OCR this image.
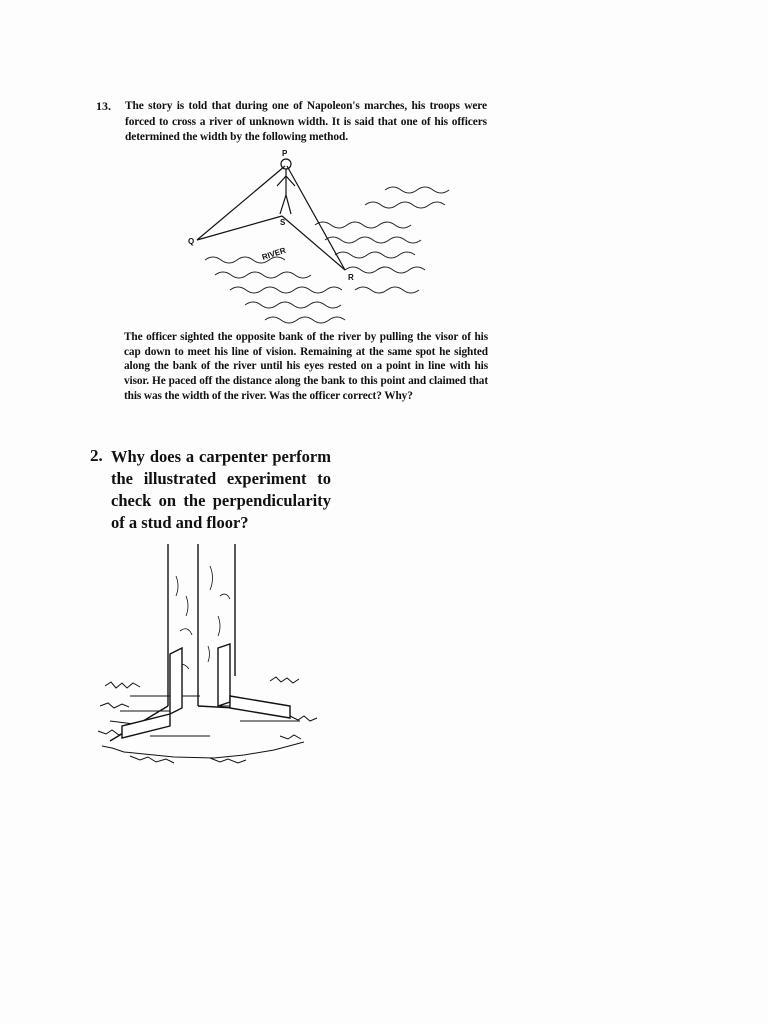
13. The story is told that during one of Napoleon's marches, his troops were forced to cross a river of unknown width. It is said that one of his officers determined the width by the following method.
P
Q
S
R
RIVER
The officer sighted the opposite bank of the river by pulling the visor of his cap down to meet his line of vision. Remaining at the same spot he sighted along the bank of the river until his eyes rested on a point in line with his visor. He paced off the distance along the bank to this point and claimed that this was the width of the river. Was the officer correct? Why?
2. Why does a carpenter perform the illustrated experiment to check on the perpendicularity of a stud and floor?
